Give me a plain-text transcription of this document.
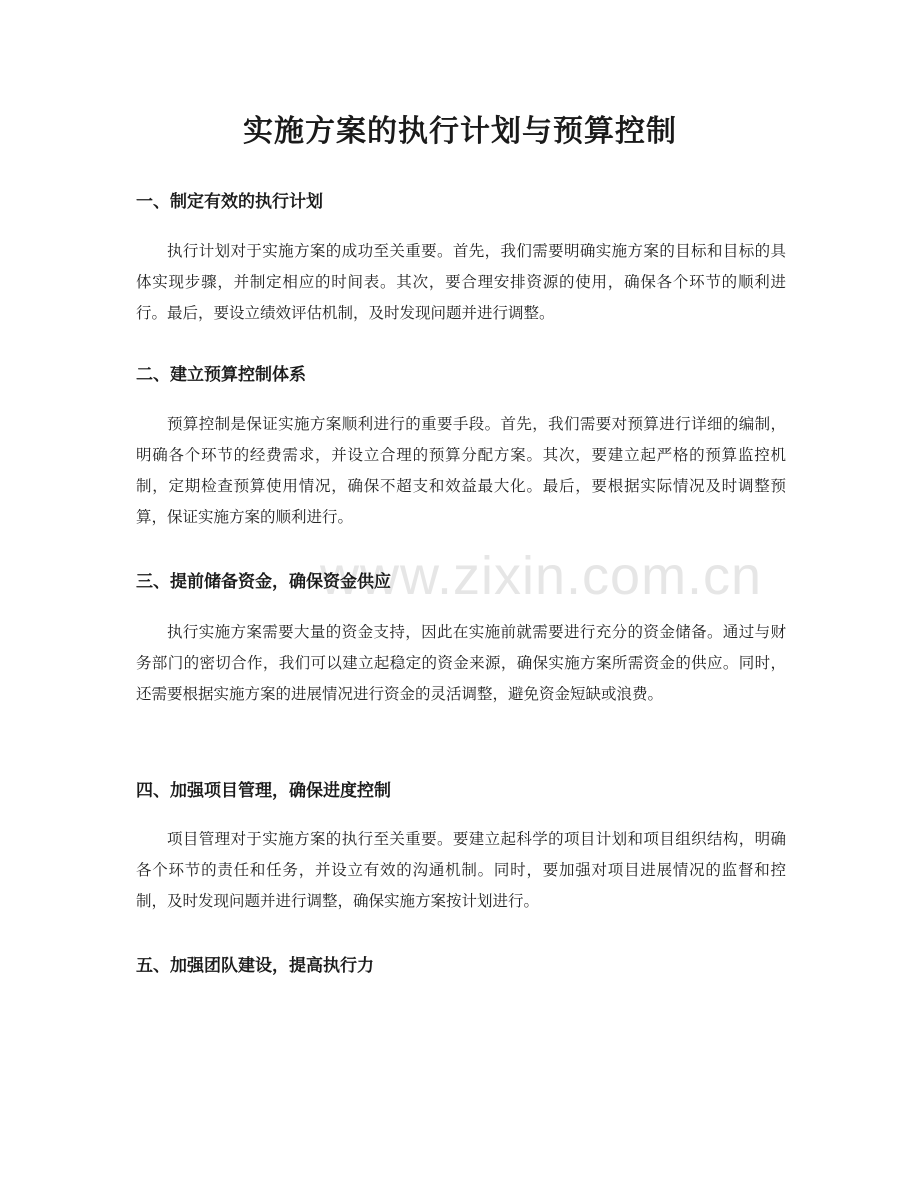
www.zixin.com.cn
实施方案的执行计划与预算控制
一、制定有效的执行计划

执行计划对于实施方案的成功至关重要。首先，我们需要明确实施方案的目标和目标的具体实现步骤，并制定相应的时间表。其次，要合理安排资源的使用，确保各个环节的顺利进行。最后，要设立绩效评估机制，及时发现问题并进行调整。

二、建立预算控制体系

预算控制是保证实施方案顺利进行的重要手段。首先，我们需要对预算进行详细的编制，明确各个环节的经费需求，并设立合理的预算分配方案。其次，要建立起严格的预算监控机制，定期检查预算使用情况，确保不超支和效益最大化。最后，要根据实际情况及时调整预算，保证实施方案的顺利进行。

三、提前储备资金，确保资金供应

执行实施方案需要大量的资金支持，因此在实施前就需要进行充分的资金储备。通过与财务部门的密切合作，我们可以建立起稳定的资金来源，确保实施方案所需资金的供应。同时，还需要根据实施方案的进展情况进行资金的灵活调整，避免资金短缺或浪费。

四、加强项目管理，确保进度控制

项目管理对于实施方案的执行至关重要。要建立起科学的项目计划和项目组织结构，明确各个环节的责任和任务，并设立有效的沟通机制。同时，要加强对项目进展情况的监督和控制，及时发现问题并进行调整，确保实施方案按计划进行。

五、加强团队建设，提高执行力
